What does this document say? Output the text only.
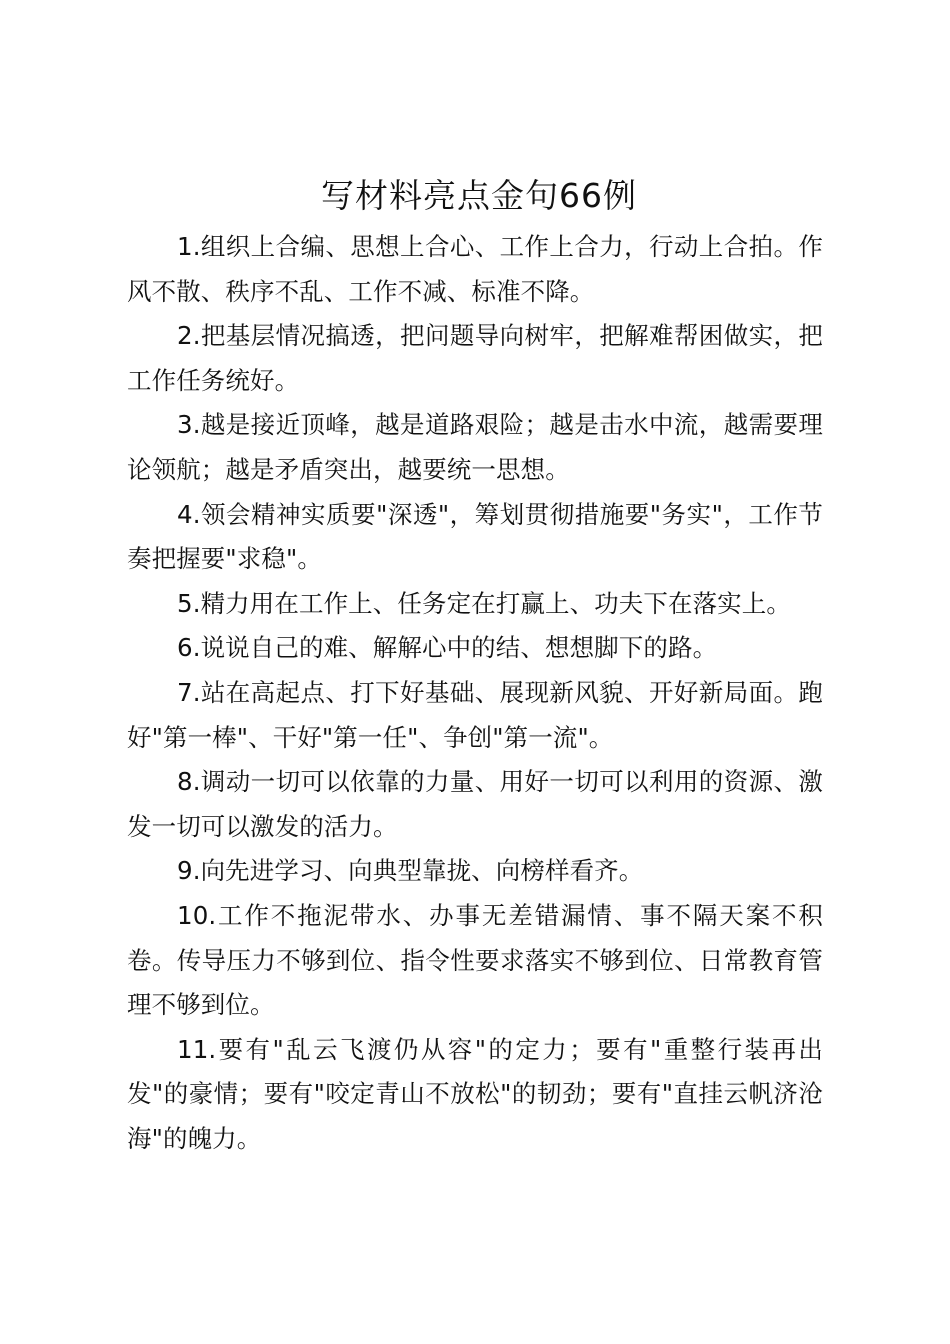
写材料亮点金句66例

1.组织上合编、思想上合心、工作上合力，行动上合拍。作风不散、秩序不乱、工作不减、标准不降。

2.把基层情况搞透，把问题导向树牢，把解难帮困做实，把工作任务统好。

3.越是接近顶峰，越是道路艰险；越是击水中流，越需要理论领航；越是矛盾突出，越要统一思想。

4.领会精神实质要"深透"，筹划贯彻措施要"务实"，工作节奏把握要"求稳"。

5.精力用在工作上、任务定在打赢上、功夫下在落实上。

6.说说自己的难、解解心中的结、想想脚下的路。

7.站在高起点、打下好基础、展现新风貌、开好新局面。跑好"第一棒"、干好"第一任"、争创"第一流"。

8.调动一切可以依靠的力量、用好一切可以利用的资源、激发一切可以激发的活力。

9.向先进学习、向典型靠拢、向榜样看齐。

10.工作不拖泥带水、办事无差错漏情、事不隔天案不积卷。传导压力不够到位、指令性要求落实不够到位、日常教育管理不够到位。

11.要有"乱云飞渡仍从容"的定力；要有"重整行装再出发"的豪情；要有"咬定青山不放松"的韧劲；要有"直挂云帆济沧海"的魄力。
